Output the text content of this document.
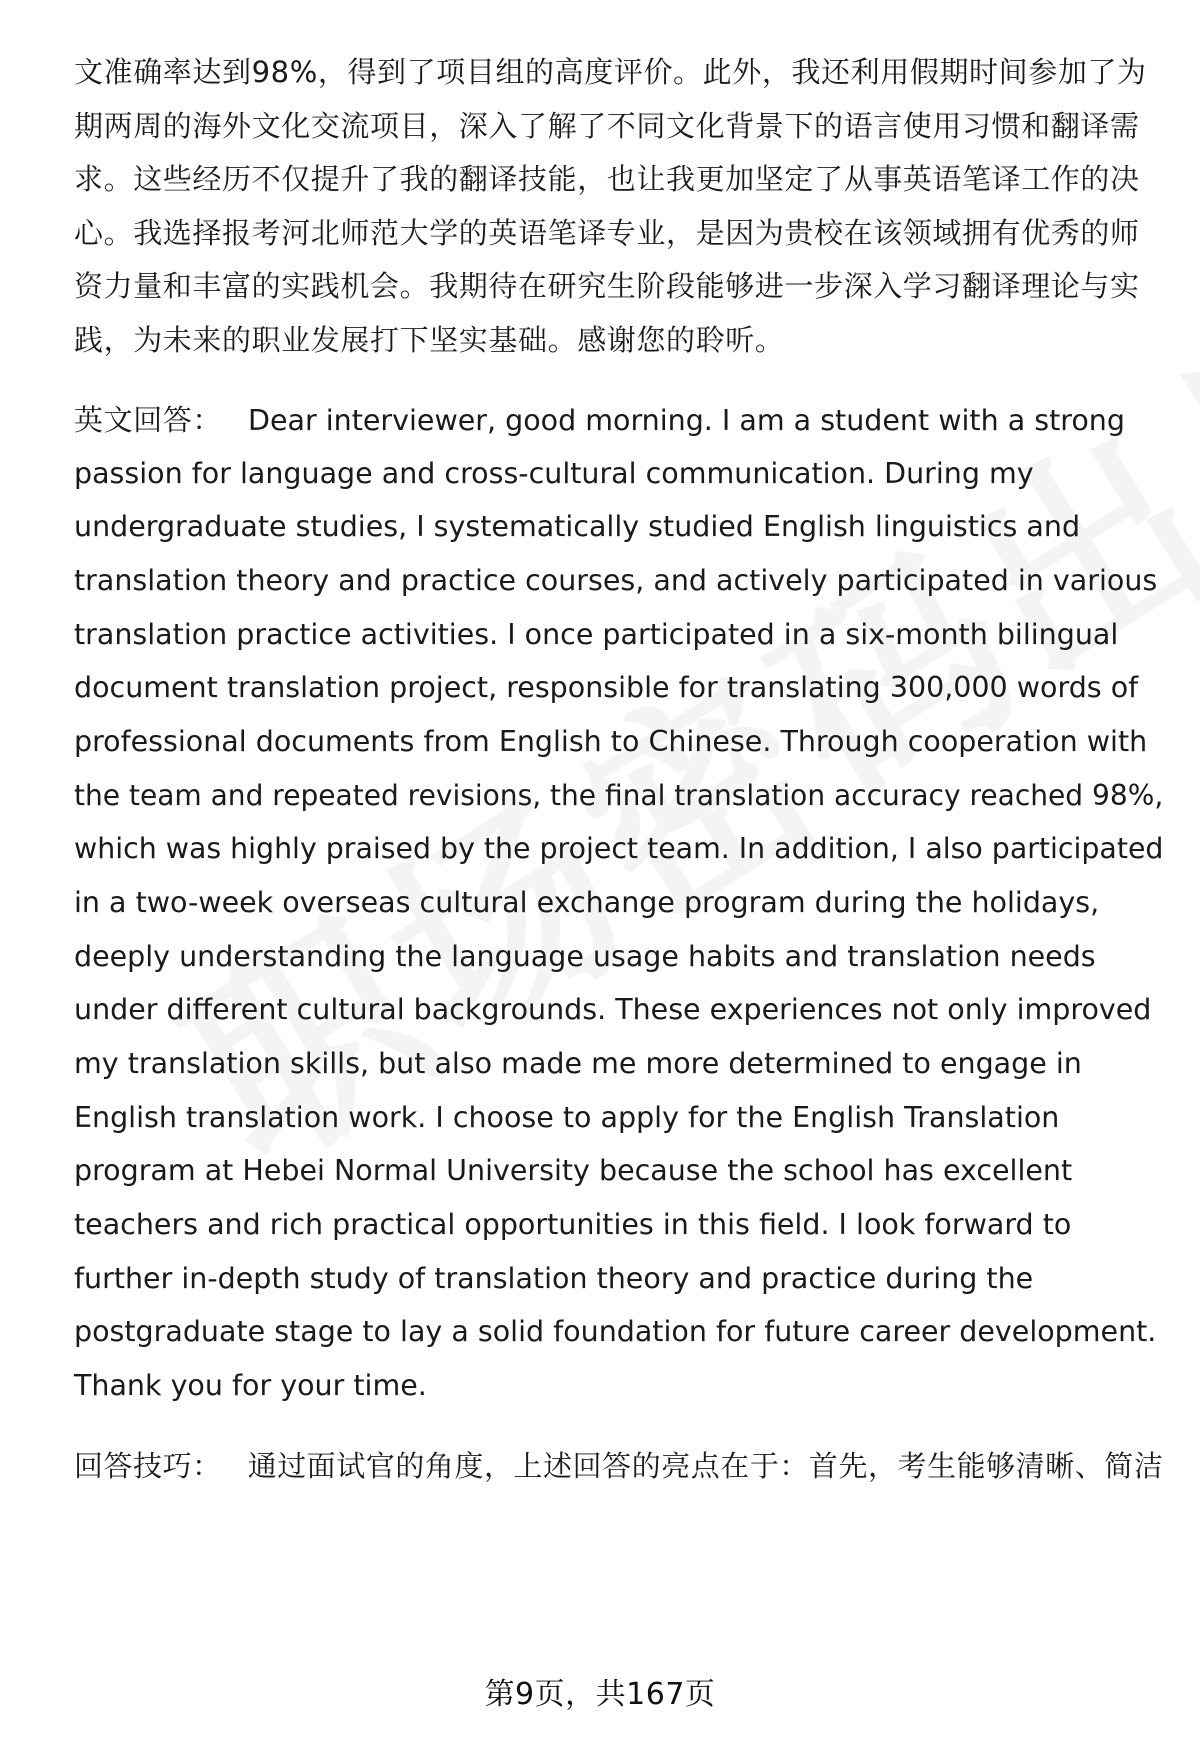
文准确率达到98%，得到了项目组的高度评价。此外，我还利用假期时间参加了为
期两周的海外文化交流项目，深入了解了不同文化背景下的语言使用习惯和翻译需
求。这些经历不仅提升了我的翻译技能，也让我更加坚定了从事英语笔译工作的决
心。我选择报考河北师范大学的英语笔译专业，是因为贵校在该领域拥有优秀的师
资力量和丰富的实践机会。我期待在研究生阶段能够进一步深入学习翻译理论与实
践，为未来的职业发展打下坚实基础。感谢您的聆听。
英文回答： Dear interviewer, good morning. I am a student with a strong
passion for language and cross-cultural communication. During my
undergraduate studies, I systematically studied English linguistics and
translation theory and practice courses, and actively participated in various
translation practice activities. I once participated in a six-month bilingual
document translation project, responsible for translating 300,000 words of
professional documents from English to Chinese. Through cooperation with
the team and repeated revisions, the final translation accuracy reached 98%,
which was highly praised by the project team. In addition, I also participated
in a two-week overseas cultural exchange program during the holidays,
deeply understanding the language usage habits and translation needs
under different cultural backgrounds. These experiences not only improved
my translation skills, but also made me more determined to engage in
English translation work. I choose to apply for the English Translation
program at Hebei Normal University because the school has excellent
teachers and rich practical opportunities in this field. I look forward to
further in-depth study of translation theory and practice during the
postgraduate stage to lay a solid foundation for future career development.
Thank you for your time.
回答技巧： 通过面试官的角度，上述回答的亮点在于：首先，考生能够清晰、简洁
第9页，共167页
